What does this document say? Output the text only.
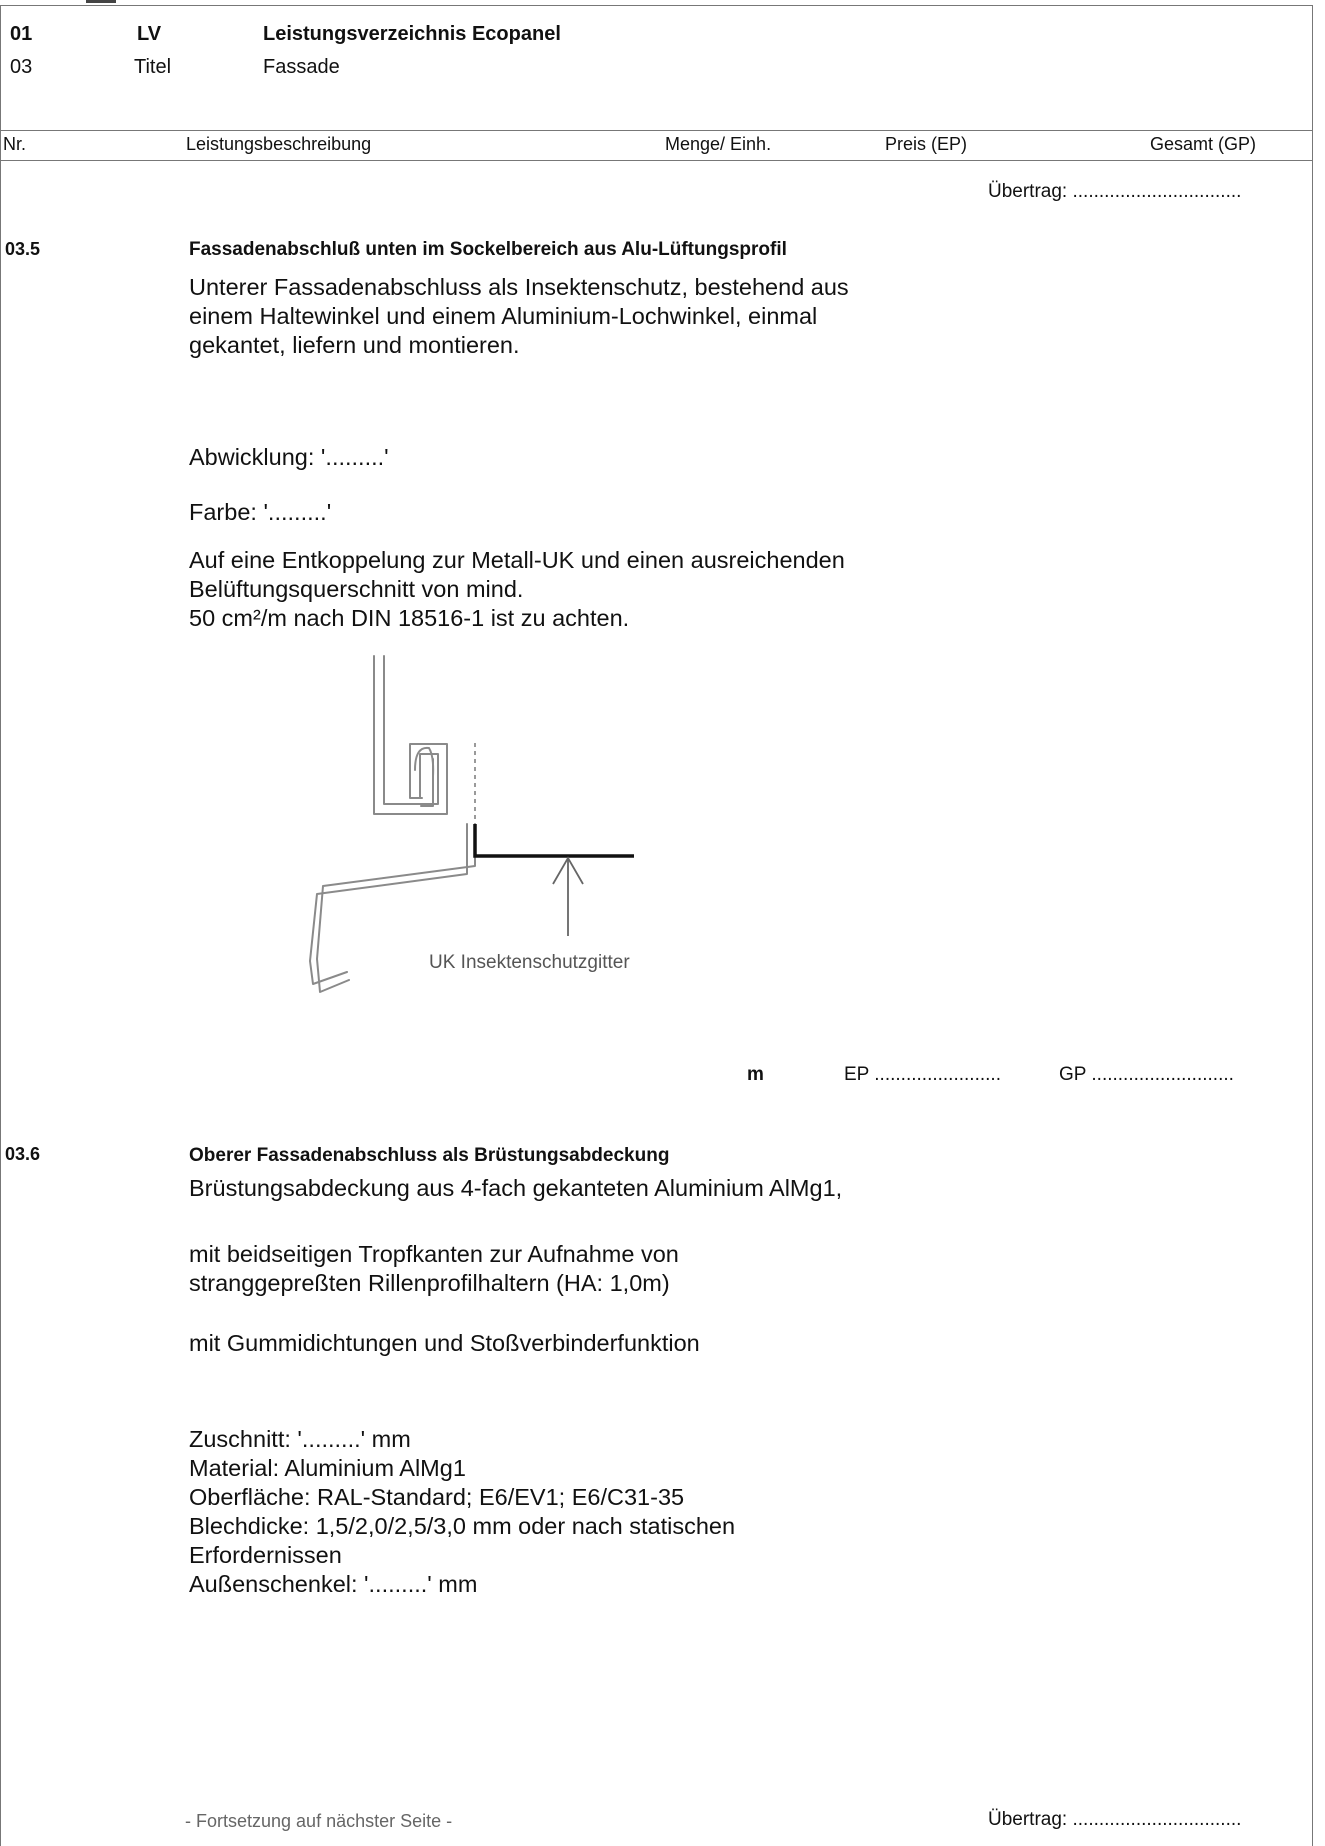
01	LV	Leistungsverzeichnis Ecopanel
03	Titel	Fassade
Nr.	Leistungsbeschreibung	Menge/ Einh.	Preis (EP)	Gesamt (GP)
Übertrag: ................................
03.5	Fassadenabschluß unten im Sockelbereich aus Alu-Lüftungsprofil
Unterer Fassadenabschluss als Insektenschutz, bestehend aus
einem Haltewinkel und einem Aluminium-Lochwinkel, einmal
gekantet, liefern und montieren.
Abwicklung: '.........'
Farbe: '.........'
Auf eine Entkoppelung zur Metall-UK und einen ausreichenden
Belüftungsquerschnitt von mind.
50 cm²/m nach DIN 18516-1 ist zu achten.
UK Insektenschutzgitter
m	EP ........................	GP ...........................
03.6	Oberer Fassadenabschluss als Brüstungsabdeckung
Brüstungsabdeckung aus 4-fach gekanteten Aluminium AlMg1,
mit beidseitigen Tropfkanten zur Aufnahme von
stranggepreßten Rillenprofilhaltern (HA: 1,0m)
mit Gummidichtungen und Stoßverbinderfunktion
Zuschnitt: '.........' mm
Material: Aluminium AlMg1
Oberfläche: RAL-Standard; E6/EV1; E6/C31-35
Blechdicke: 1,5/2,0/2,5/3,0 mm oder nach statischen
Erfordernissen
Außenschenkel: '.........' mm
- Fortsetzung auf nächster Seite -	Übertrag: ................................
